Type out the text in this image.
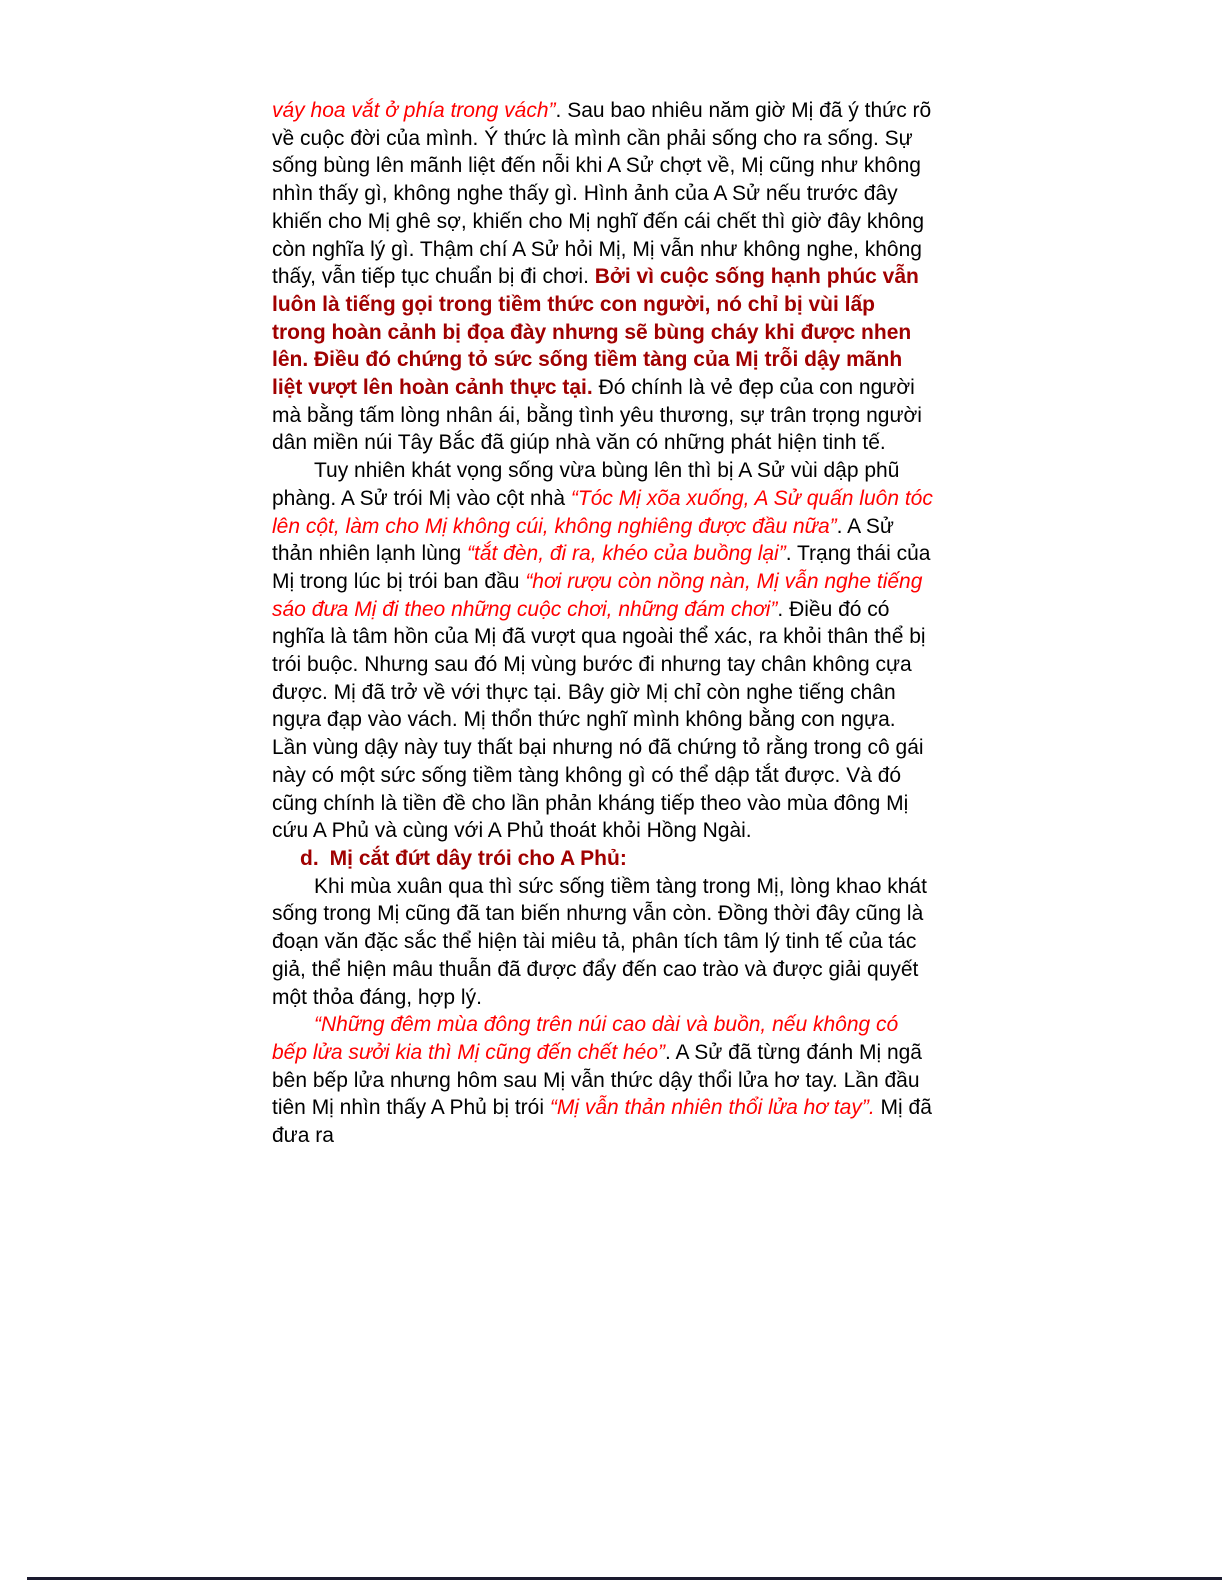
váy hoa vắt ở phía trong vách”. Sau bao nhiêu năm giờ Mị đã ý thức rõ về cuộc đời của mình. Ý thức là mình cần phải sống cho ra sống. Sự sống bùng lên mãnh liệt đến nỗi khi A Sử chợt về, Mị cũng như không nhìn thấy gì, không nghe thấy gì. Hình ảnh của A Sử nếu trước đây khiến cho Mị ghê sợ, khiến cho Mị nghĩ đến cái chết thì giờ đây không còn nghĩa lý gì. Thậm chí A Sử hỏi Mị, Mị vẫn như không nghe, không thấy, vẫn tiếp tục chuẩn bị đi chơi. Bởi vì cuộc sống hạnh phúc vẫn luôn là tiếng gọi trong tiềm thức con người, nó chỉ bị vùi lấp trong hoàn cảnh bị đọa đày nhưng sẽ bùng cháy khi được nhen lên. Điều đó chứng tỏ sức sống tiềm tàng của Mị trỗi dậy mãnh liệt vượt lên hoàn cảnh thực tại. Đó chính là vẻ đẹp của con người mà bằng tấm lòng nhân ái, bằng tình yêu thương, sự trân trọng người dân miền núi Tây Bắc đã giúp nhà văn có những phát hiện tinh tế.

Tuy nhiên khát vọng sống vừa bùng lên thì bị A Sử vùi dập phũ phàng. A Sử trói Mị vào cột nhà “Tóc Mị xõa xuống, A Sử quấn luôn tóc lên cột, làm cho Mị không cúi, không nghiêng được đầu nữa”. A Sử thản nhiên lạnh lùng “tắt đèn, đi ra, khéo của buồng lại”. Trạng thái của Mị trong lúc bị trói ban đầu “hơi rượu còn nồng nàn, Mị vẫn nghe tiếng sáo đưa Mị đi theo những cuộc chơi, những đám chơi”. Điều đó có nghĩa là tâm hồn của Mị đã vượt qua ngoài thể xác, ra khỏi thân thể bị trói buộc. Nhưng sau đó Mị vùng bước đi nhưng tay chân không cựa được. Mị đã trở về với thực tại. Bây giờ Mị chỉ còn nghe tiếng chân ngựa đạp vào vách. Mị thổn thức nghĩ mình không bằng con ngựa. Lần vùng dậy này tuy thất bại nhưng nó đã chứng tỏ rằng trong cô gái này có một sức sống tiềm tàng không gì có thể dập tắt được. Và đó cũng chính là tiền đề cho lần phản kháng tiếp theo vào mùa đông Mị cứu A Phủ và cùng với A Phủ thoát khỏi Hồng Ngài.

d. Mị cắt đứt dây trói cho A Phủ:

Khi mùa xuân qua thì sức sống tiềm tàng trong Mị, lòng khao khát sống trong Mị cũng đã tan biến nhưng vẫn còn. Đồng thời đây cũng là đoạn văn đặc sắc thể hiện tài miêu tả, phân tích tâm lý tinh tế của tác giả, thể hiện mâu thuẫn đã được đẩy đến cao trào và được giải quyết một thỏa đáng, hợp lý.

“Những đêm mùa đông trên núi cao dài và buồn, nếu không có bếp lửa sưởi kia thì Mị cũng đến chết héo”. A Sử đã từng đánh Mị ngã bên bếp lửa nhưng hôm sau Mị vẫn thức dậy thổi lửa hơ tay. Lần đầu tiên Mị nhìn thấy A Phủ bị trói “Mị vẫn thản nhiên thổi lửa hơ tay”. Mị đã đưa ra
